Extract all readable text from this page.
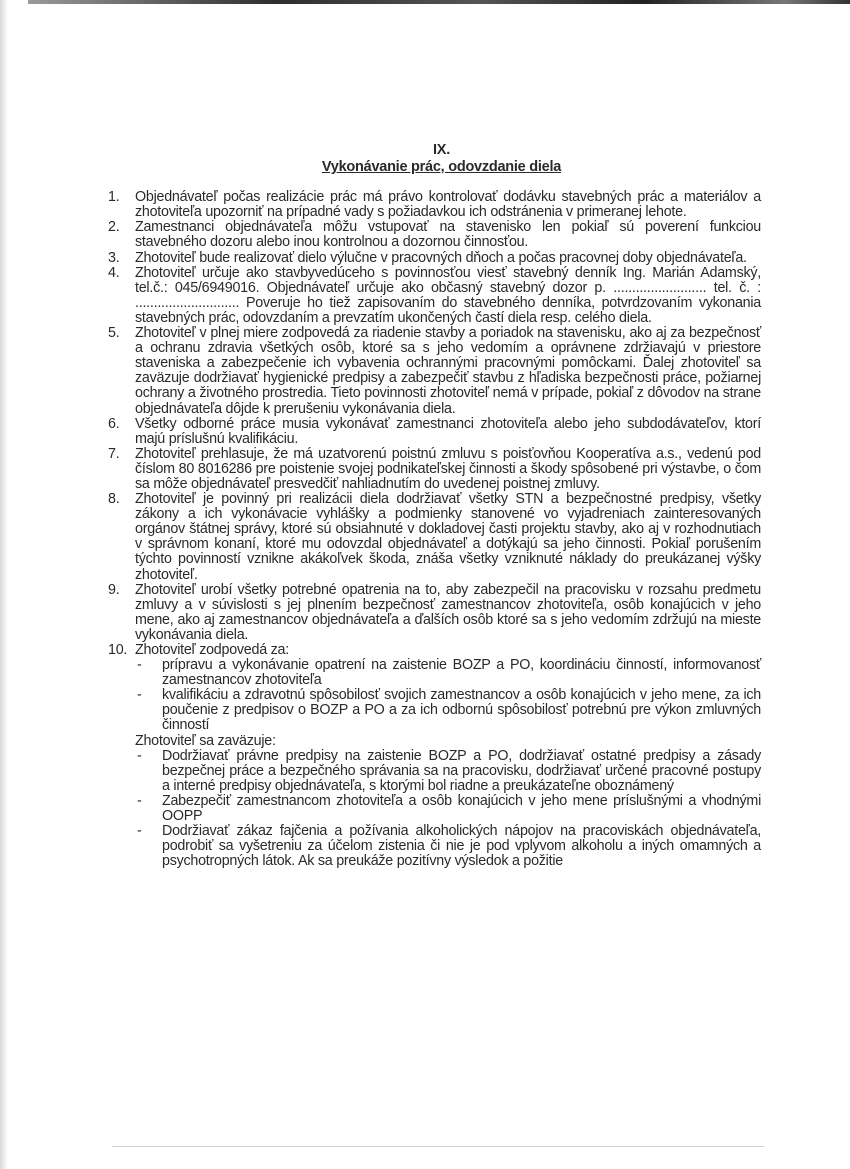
IX.
Vykonávanie prác, odovzdanie diela
1. Objednávateľ počas realizácie prác má právo kontrolovať dodávku stavebných prác a materiálov a zhotoviteľa upozorniť na prípadné vady s požiadavkou ich odstránenia v primeranej lehote.
2. Zamestnanci objednávateľa môžu vstupovať na stavenisko len pokiaľ sú poverení funkciou stavebného dozoru alebo inou kontrolnou a dozornou činnosťou.
3. Zhotoviteľ bude realizovať dielo výlučne v pracovných dňoch a počas pracovnej doby objednávateľa.
4. Zhotoviteľ určuje ako stavbyvedúceho s povinnosťou viesť stavebný denník Ing. Marián Adamský, tel.č.: 045/6949016. Objednávateľ určuje ako občasný stavebný dozor p. ......................... tel. č. : ............................ Poveruje ho tiež zapisovaním do stavebného denníka, potvrdzovaním vykonania stavebných prác, odovzdaním a prevzatím ukončených častí diela resp. celého diela.
5. Zhotoviteľ v plnej miere zodpovedá za riadenie stavby a poriadok na stavenisku, ako aj za bezpečnosť a ochranu zdravia všetkých osôb, ktoré sa s jeho vedomím a oprávnene zdržiavajú v priestore staveniska a zabezpečenie ich vybavenia ochrannými pracovnými pomôckami. Ďalej zhotoviteľ sa zaväzuje dodržiavať hygienické predpisy a zabezpečiť stavbu z hľadiska bezpečnosti práce, požiarnej ochrany a životného prostredia. Tieto povinnosti zhotoviteľ nemá v prípade, pokiaľ z dôvodov na strane objednávateľa dôjde k prerušeniu vykonávania diela.
6. Všetky odborné práce musia vykonávať zamestnanci zhotoviteľa alebo jeho subdodávateľov, ktorí majú príslušnú kvalifikáciu.
7. Zhotoviteľ prehlasuje, že má uzatvorenú poistnú zmluvu s poisťovňou Kooperatíva a.s., vedenú pod číslom 80 8016286 pre poistenie svojej podnikateľskej činnosti a škody spôsobené pri výstavbe, o čom sa môže objednávateľ presvedčiť nahliadnutím do uvedenej poistnej zmluvy.
8. Zhotoviteľ je povinný pri realizácii diela dodržiavať všetky STN a bezpečnostné predpisy, všetky zákony a ich vykonávacie vyhlášky a podmienky stanovené vo vyjadreniach zainteresovaných orgánov štátnej správy, ktoré sú obsiahnuté v dokladovej časti projektu stavby, ako aj v rozhodnutiach v správnom konaní, ktoré mu odovzdal objednávateľ a dotýkajú sa jeho činnosti. Pokiaľ porušením týchto povinností vznikne akákoľvek škoda, znáša všetky vzniknuté náklady do preukázanej výšky zhotoviteľ.
9. Zhotoviteľ urobí všetky potrebné opatrenia na to, aby zabezpečil na pracovisku v rozsahu predmetu zmluvy a v súvislosti s jej plnením bezpečnosť zamestnancov zhotoviteľa, osôb konajúcich v jeho mene, ako aj zamestnancov objednávateľa a ďalších osôb ktoré sa s jeho vedomím zdržujú na mieste vykonávania diela.
10. Zhotoviteľ zodpovedá za:
- prípravu a vykonávanie opatrení na zaistenie BOZP a PO, koordináciu činností, informovanosť zamestnancov zhotoviteľa
- kvalifikáciu a zdravotnú spôsobilosť svojich zamestnancov a osôb konajúcich v jeho mene, za ich poučenie z predpisov o BOZP a PO a za ich odbornú spôsobilosť potrebnú pre výkon zmluvných činností
Zhotoviteľ sa zaväzuje:
- Dodržiavať právne predpisy na zaistenie BOZP a PO, dodržiavať ostatné predpisy a zásady bezpečnej práce a bezpečného správania sa na pracovisku, dodržiavať určené pracovné postupy a interné predpisy objednávateľa, s ktorými bol riadne a preukázateľne oboznámený
- Zabezpečiť zamestnancom zhotoviteľa a osôb konajúcich v jeho mene príslušnými a vhodnými OOPP
- Dodržiavať zákaz fajčenia a požívania alkoholických nápojov na pracoviskách objednávateľa, podrobiť sa vyšetreniu za účelom zistenia či nie je pod vplyvom alkoholu a iných omamných a psychotropných látok. Ak sa preukáže pozitívny výsledok a požitie
